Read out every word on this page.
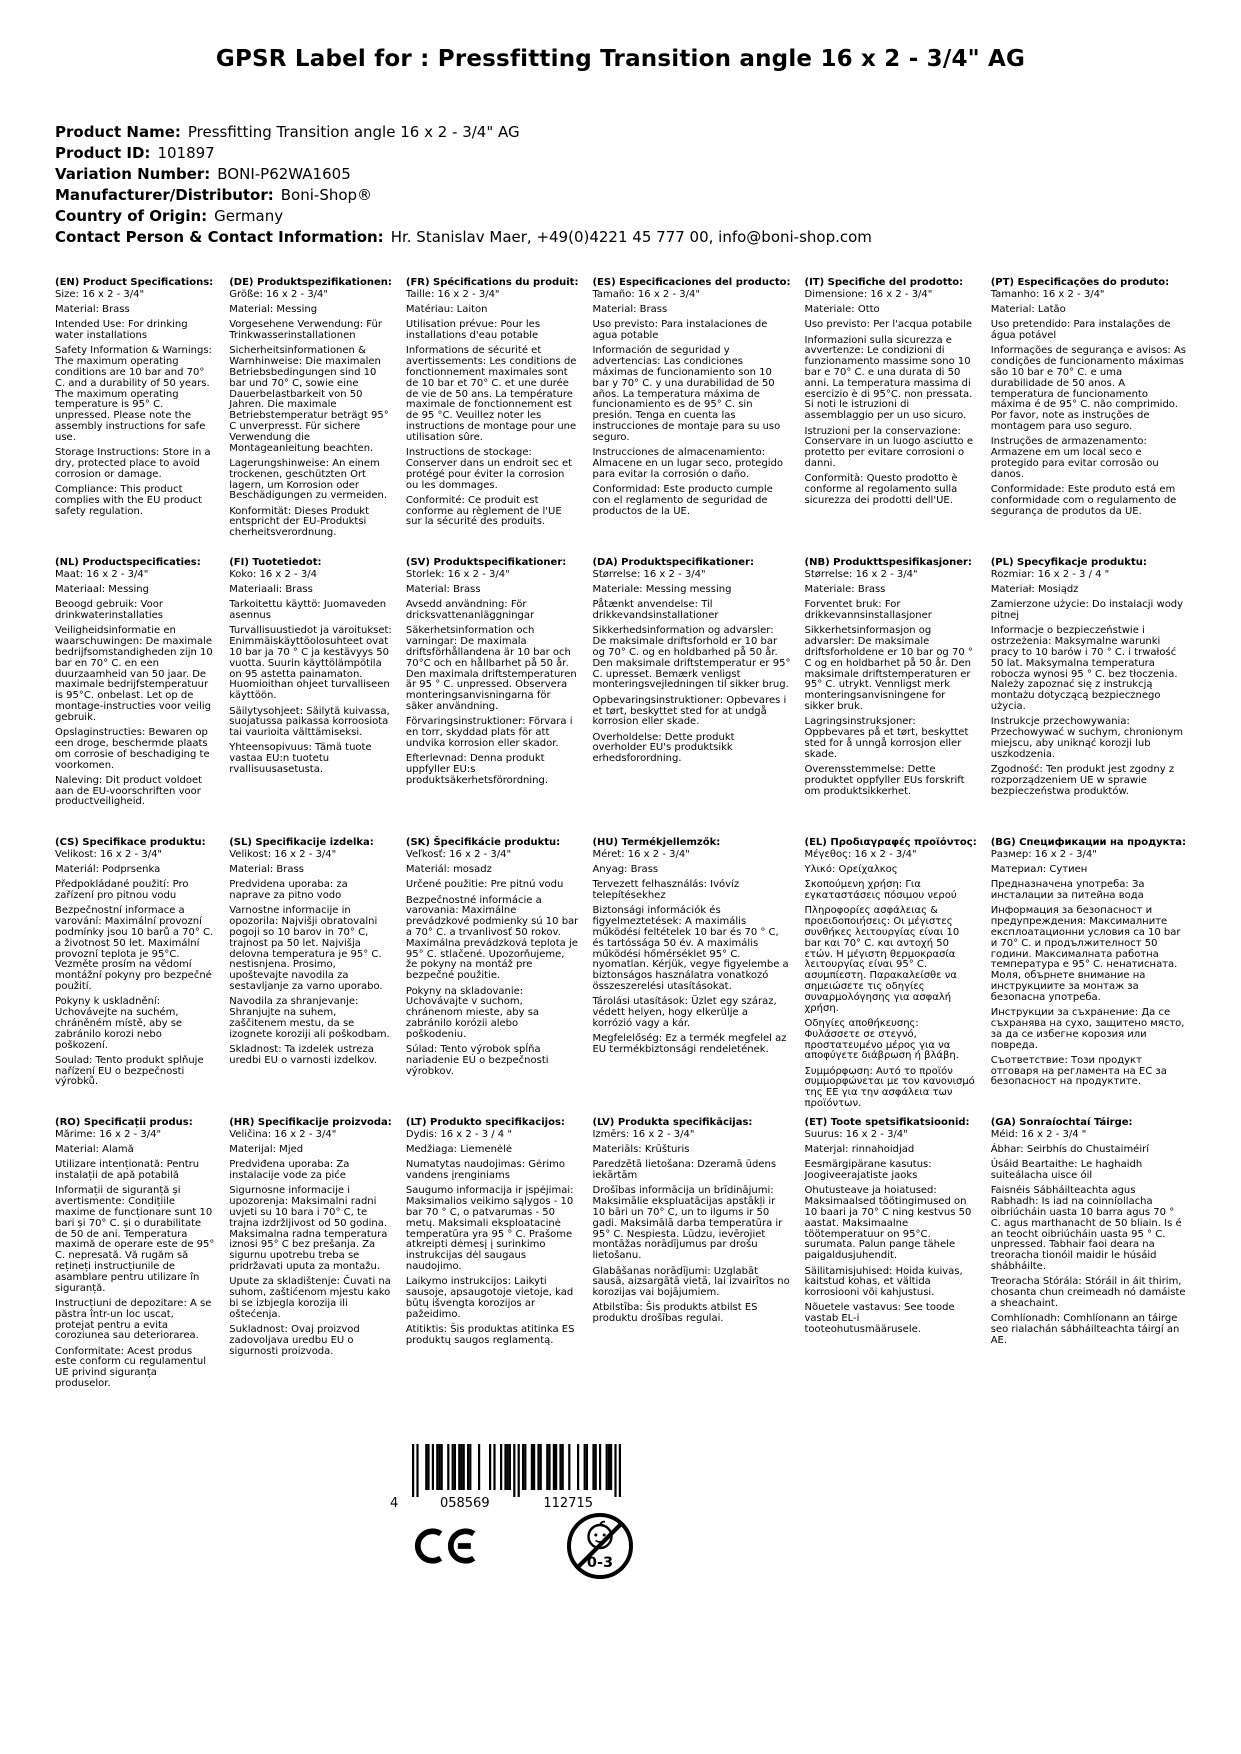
GPSR Label for : Pressfitting Transition angle 16 x 2 - 3/4" AG
Product Name: Pressfitting Transition angle 16 x 2 - 3/4" AG
Product ID: 101897
Variation Number: BONI-P62WA1605
Manufacturer/Distributor: Boni-Shop®
Country of Origin: Germany
Contact Person & Contact Information: Hr. Stanislav Maer, +49(0)4221 45 777 00, info@boni-shop.com
(EN) Product Specifications:

Size: 16 x 2 - 3/4"

Material: Brass

Intended Use: For drinking water installations

Safety Information & Warnings: The maximum operating conditions are 10 bar and 70° C. and a durability of 50 years. The maximum operating temperature is 95° C. unpressed. Please note the assembly instructions for safe use.

Storage Instructions: Store in a dry, protected place to avoid corrosion or damage.

Compliance: This product complies with the EU product safety regulation.

(DE) Produktspezifikationen:

Größe: 16 x 2 - 3/4"

Material: Messing

Vorgesehene Verwendung: Für Trinkwasserinstallationen

Sicherheitsinformationen & Warnhinweise: Die maximalen Betriebsbedingungen sind 10 bar und 70° C, sowie eine Dauerbelastbarkeit von 50 Jahren. Die maximale Betriebstemperatur beträgt 95° C unverpresst. Für sichere Verwendung die Montageanleitung beachten.

Lagerungshinweise: An einem trockenen, geschützten Ort lagern, um Korrosion oder Beschädigungen zu vermeiden.

Konformität: Dieses Produkt entspricht der EU-Produktsi cherheitsverordnung.

(FR) Spécifications du produit:

Taille: 16 x 2 - 3/4"

Matériau: Laiton

Utilisation prévue: Pour les installations d'eau potable

Informations de sécurité et avertissements: Les conditions de fonctionnement maximales sont de 10 bar et 70° C. et une durée de vie de 50 ans. La température maximale de fonctionnement est de 95 °C. Veuillez noter les instructions de montage pour une utilisation sûre.

Instructions de stockage: Conserver dans un endroit sec et protégé pour éviter la corrosion ou les dommages.

Conformité: Ce produit est conforme au règlement de l'UE sur la sécurité des produits.

(ES) Especificaciones del producto:

Tamaño: 16 x 2 - 3/4"

Material: Brass

Uso previsto: Para instalaciones de agua potable

Información de seguridad y advertencias: Las condiciones máximas de funcionamiento son 10 bar y 70° C. y una durabilidad de 50 años. La temperatura máxima de funcionamiento es de 95° C. sin presión. Tenga en cuenta las instrucciones de montaje para su uso seguro.

Instrucciones de almacenamiento: Almacene en un lugar seco, protegido para evitar la corrosión o daño.

Conformidad: Este producto cumple con el reglamento de seguridad de productos de la UE.

(IT) Specifiche del prodotto:

Dimensione: 16 x 2 - 3/4"

Materiale: Otto

Uso previsto: Per l'acqua potabile

Informazioni sulla sicurezza e avvertenze: Le condizioni di funzionamento massime sono 10 bar e 70° C. e una durata di 50 anni. La temperatura massima di esercizio è di 95°C. non pressata. Si noti le istruzioni di assemblaggio per un uso sicuro.

Istruzioni per la conservazione: Conservare in un luogo asciutto e protetto per evitare corrosioni o danni.

Conformità: Questo prodotto è conforme al regolamento sulla sicurezza dei prodotti dell'UE.

(PT) Especificações do produto:

Tamanho: 16 x 2 - 3/4"

Material: Latão

Uso pretendido: Para instalações de água potável

Informações de segurança e avisos: As condições de funcionamento máximas são 10 bar e 70° C. e uma durabilidade de 50 anos. A temperatura de funcionamento máxima é de 95° C. não comprimido. Por favor, note as instruções de montagem para uso seguro.

Instruções de armazenamento: Armazene em um local seco e protegido para evitar corrosão ou danos.

Conformidade: Este produto está em conformidade com o regulamento de segurança de produtos da UE.

(NL) Productspecificaties:

Maat: 16 x 2 - 3/4"

Materiaal: Messing

Beoogd gebruik: Voor drinkwaterinstallaties

Veiligheidsinformatie en waarschuwingen: De maximale bedrijfsomstandigheden zijn 10 bar en 70° C. en een duurzaamheid van 50 jaar. De maximale bedrijfstemperatuur is 95°C. onbelast. Let op de montage-instructies voor veilig gebruik.

Opslaginstructies: Bewaren op een droge, beschermde plaats om corrosie of beschadiging te voorkomen.

Naleving: Dit product voldoet aan de EU-voorschriften voor productveiligheid.

(FI) Tuotetiedot:

Koko: 16 x 2 - 3/4

Materiaali: Brass

Tarkoitettu käyttö: Juomaveden asennus

Turvallisuustiedot ja varoitukset: Enimmäiskäyttöolosuhteet ovat 10 bar ja 70 ° C ja kestävyys 50 vuotta. Suurin käyttölämpötila on 95 astetta painamaton. Huomioithan ohjeet turvalliseen käyttöön.

Säilytysohjeet: Säilytä kuivassa, suojatussa paikassa korroosiota tai vaurioita välttämiseksi.

Yhteensopivuus: Tämä tuote vastaa EU:n tuotetu rvallisuusasetusta.

(SV) Produktspecifikationer:

Storlek: 16 x 2 - 3/4"

Material: Brass

Avsedd användning: För dricksvattenanläggningar

Säkerhetsinformation och varningar: De maximala driftsförhållandena är 10 bar och 70°C och en hållbarhet på 50 år. Den maximala driftstemperaturen är 95 ° C. unpressed. Observera monteringsanvisningarna för säker användning.

Förvaringsinstruktioner: Förvara i en torr, skyddad plats för att undvika korrosion eller skador.

Efterlevnad: Denna produkt uppfyller EU:s produktsäkerhetsförordning.

(DA) Produktspecifikationer:

Størrelse: 16 x 2 - 3/4"

Materiale: Messing messing

Påtænkt anvendelse: Til drikkevandsinstallationer

Sikkerhedsinformation og advarsler: De maksimale driftsforhold er 10 bar og 70° C. og en holdbarhed på 50 år. Den maksimale driftstemperatur er 95° C. upresset. Bemærk venligst monteringsvejledningen til sikker brug.

Opbevaringsinstruktioner: Opbevares i et tørt, beskyttet sted for at undgå korrosion eller skade.

Overholdelse: Dette produkt overholder EU's produktsikk erhedsforordning.

(NB) Produkttspesifikasjoner:

Størrelse: 16 x 2 - 3/4"

Materiale: Brass

Forventet bruk: For drikkevannsinstallasjoner

Sikkerhetsinformasjon og advarsler: De maksimale driftsforholdene er 10 bar og 70 ° C og en holdbarhet på 50 år. Den maksimale driftstemperaturen er 95° C. utrykt. Vennligst merk monteringsanvisningene for sikker bruk.

Lagringsinstruksjoner: Oppbevares på et tørt, beskyttet sted for å unngå korrosjon eller skade.

Overensstemmelse: Dette produktet oppfyller EUs forskrift om produktsikkerhet.

(PL) Specyfikacje produktu:

Rozmiar: 16 x 2 - 3 / 4 "

Materiał: Mosiądz

Zamierzone użycie: Do instalacji wody pitnej

Informacje o bezpieczeństwie i ostrzeżenia: Maksymalne warunki pracy to 10 barów i 70 ° C. i trwałość 50 lat. Maksymalna temperatura robocza wynosi 95 ° C. bez tłoczenia. Należy zapoznać się z instrukcją montażu dotyczącą bezpiecznego użycia.

Instrukcje przechowywania: Przechowywać w suchym, chronionym miejscu, aby uniknąć korozji lub uszkodzenia.

Zgodność: Ten produkt jest zgodny z rozporządzeniem UE w sprawie bezpieczeństwa produktów.

(CS) Specifikace produktu:

Velikost: 16 x 2 - 3/4"

Materiál: Podprsenka

Předpokládané použití: Pro zařízení pro pitnou vodu

Bezpečnostní informace a varování: Maximální provozní podmínky jsou 10 barů a 70° C. a životnost 50 let. Maximální provozní teplota je 95°C. Vezměte prosím na vědomí montážní pokyny pro bezpečné použití.

Pokyny k uskladnění: Uchovávejte na suchém, chráněném místě, aby se zabránilo korozi nebo poškození.

Soulad: Tento produkt splňuje nařízení EU o bezpečnosti výrobků.

(SL) Specifikacije izdelka:

Velikost: 16 x 2 - 3/4"

Material: Brass

Predvidena uporaba: za naprave za pitno vodo

Varnostne informacije in opozorila: Najvišji obratovalni pogoji so 10 barov in 70° C, trajnost pa 50 let. Najvišja delovna temperatura je 95° C. nestisnjena. Prosimo, upoštevajte navodila za sestavljanje za varno uporabo.

Navodila za shranjevanje: Shranjujte na suhem, zaščitenem mestu, da se izognete koroziji ali poškodbam.

Skladnost: Ta izdelek ustreza uredbi EU o varnosti izdelkov.

(SK) Špecifikácie produktu:

Veľkosť: 16 x 2 - 3/4"

Materiál: mosadz

Určené použitie: Pre pitnú vodu

Bezpečnostné informácie a varovania: Maximálne prevádzkové podmienky sú 10 bar a 70° C. a trvanlivosť 50 rokov. Maximálna prevádzková teplota je 95° C. stlačené. Upozorňujeme, že pokyny na montáž pre bezpečné použitie.

Pokyny na skladovanie: Uchovávajte v suchom, chránenom mieste, aby sa zabránilo korózii alebo poškodeniu.

Súlad: Tento výrobok spĺňa nariadenie EÚ o bezpečnosti výrobkov.

(HU) Termékjellemzők:

Méret: 16 x 2 - 3/4"

Anyag: Brass

Tervezett felhasználás: Ivóvíz telepítésekhez

Biztonsági információk és figyelmeztetések: A maximális működési feltételek 10 bar és 70 ° C, és tartóssága 50 év. A maximális működési hőmérséklet 95° C. nyomatlan. Kérjük, vegye figyelembe a biztonságos használatra vonatkozó összeszerelési utasításokat.

Tárolási utasítások: Üzlet egy száraz, védett helyen, hogy elkerülje a korrózió vagy a kár.

Megfelelőség: Ez a termék megfelel az EU termékbiztonsági rendeletének.

(EL) Προδιαγραφές προϊόντος:

Μέγεθος: 16 x 2 - 3/4"

Υλικό: Ορείχαλκος

Σκοπούμενη χρήση: Για εγκαταστάσεις πόσιμου νερού

Πληροφορίες ασφάλειας & προειδοποιήσεις: Οι μέγιστες συνθήκες λειτουργίας είναι 10 bar και 70° C. και αντοχή 50 ετών. Η μέγιστη θερμοκρασία λειτουργίας είναι 95° C. ασυμπίεστη. Παρακαλείσθε να σημειώσετε τις οδηγίες συναρμολόγησης για ασφαλή χρήση.

Οδηγίες αποθήκευσης: Φυλάσσετε σε στεγνό, προστατευμένο μέρος για να αποφύγετε διάβρωση ή βλάβη.

Συμμόρφωση: Αυτό το προϊόν συμμορφώνεται με τον κανονισμό της ΕΕ για την ασφάλεια των προϊόντων.

(BG) Спецификации на продукта:

Размер: 16 x 2 - 3/4"

Материал: Сутиен

Предназначена употреба: За инсталации за питейна вода

Информация за безопасност и предупреждения: Максималните експлоатационни условия са 10 bar и 70° C. и продължителност 50 години. Максималната работна температура е 95° C. ненатисната. Моля, обърнете внимание на инструкциите за монтаж за безопасна употреба.

Инструкции за съхранение: Да се съхранява на сухо, защитено място, за да се избегне корозия или повреда.

Съответствие: Този продукт отговаря на регламента на ЕС за безопасност на продуктите.

(RO) Specificații produs:

Mărime: 16 x 2 - 3/4"

Material: Alamă

Utilizare intenționată: Pentru instalații de apă potabilă

Informații de siguranță și avertismente: Condițiile maxime de funcționare sunt 10 bari și 70° C. și o durabilitate de 50 de ani. Temperatura maximă de operare este de 95° C. nepresată. Vă rugăm să rețineți instrucțiunile de asamblare pentru utilizare în siguranță.

Instrucțiuni de depozitare: A se păstra într-un loc uscat, protejat pentru a evita coroziunea sau deteriorarea.

Conformitate: Acest produs este conform cu regulamentul UE privind siguranța produselor.

(HR) Specifikacije proizvoda:

Veličina: 16 x 2 - 3/4"

Materijal: Mjed

Predviđena uporaba: Za instalacije vode za piće

Sigurnosne informacije i upozorenja: Maksimalni radni uvjeti su 10 bara i 70° C, te trajna izdržljivost od 50 godina. Maksimalna radna temperatura iznosi 95° C bez prešanja. Za sigurnu upotrebu treba se pridržavati uputa za montažu.

Upute za skladištenje: Čuvati na suhom, zaštićenom mjestu kako bi se izbjegla korozija ili oštećenja.

Sukladnost: Ovaj proizvod zadovoljava uredbu EU o sigurnosti proizvoda.

(LT) Produkto specifikacijos:

Dydis: 16 x 2 - 3 / 4 "

Medžiaga: Liemenėlė

Numatytas naudojimas: Gėrimo vandens įrenginiams

Saugumo informacija ir įspėjimai: Maksimalios veikimo sąlygos - 10 bar 70 ° C, o patvarumas - 50 metų. Maksimali eksploatacinė temperatūra yra 95 ° C. Prašome atkreipti dėmesį į surinkimo instrukcijas dėl saugaus naudojimo.

Laikymo instrukcijos: Laikyti sausoje, apsaugotoje vietoje, kad būtų išvengta korozijos ar pažeidimo.

Atitiktis: Šis produktas atitinka ES produktų saugos reglamentą.

(LV) Produkta specifikācijas:

Izmērs: 16 x 2 - 3/4"

Materiāls: Krūšturis

Paredzētā lietošana: Dzeramā ūdens iekārtām

Drošības informācija un brīdinājumi: Maksimālie ekspluatācijas apstākļi ir 10 bāri un 70° C, un to ilgums ir 50 gadi. Maksimālā darba temperatūra ir 95° C. Nespiesta. Lūdzu, ievērojiet montāžas norādījumus par drošu lietošanu.

Glabāšanas norādījumi: Uzglabāt sausā, aizsargātā vietā, lai izvairītos no korozijas vai bojājumiem.

Atbilstība: Šis produkts atbilst ES produktu drošības regulai.

(ET) Toote spetsifikatsioonid:

Suurus: 16 x 2 - 3/4"

Materjal: rinnahoidjad

Eesmärgipärane kasutus: Joogiveerajatiste jaoks

Ohutusteave ja hoiatused: Maksimaalsed töötingimused on 10 baari ja 70° C ning kestvus 50 aastat. Maksimaalne töötemperatuur on 95°C. surumata. Palun pange tähele paigaldusjuhendit.

Säilitamisjuhised: Hoida kuivas, kaitstud kohas, et vältida korrosiooni või kahjustusi.

Nõuetele vastavus: See toode vastab EL-i tooteohutusmäärusele.

(GA) Sonraíochtaí Táirge:

Méid: 16 x 2 - 3/4 "

Ábhar: Seirbhís do Chustaiméirí

Úsáid Beartaithe: Le haghaidh suiteálacha uisce óil

Faisnéis Sábháilteachta agus Rabhadh: Is iad na coinníollacha oibriúcháin uasta 10 barra agus 70 ° C. agus marthanacht de 50 bliain. Is é an teocht oibriúcháin uasta 95 ° C. unpressed. Tabhair faoi deara na treoracha tionóil maidir le húsáid shábháilte.

Treoracha Stórála: Stóráil in áit thirim, chosanta chun creimeadh nó damáiste a sheachaint.

Comhlíonadh: Comhlíonann an táirge seo rialachán sábháilteachta táirgí an AE.

4	058569	112715
0-3
